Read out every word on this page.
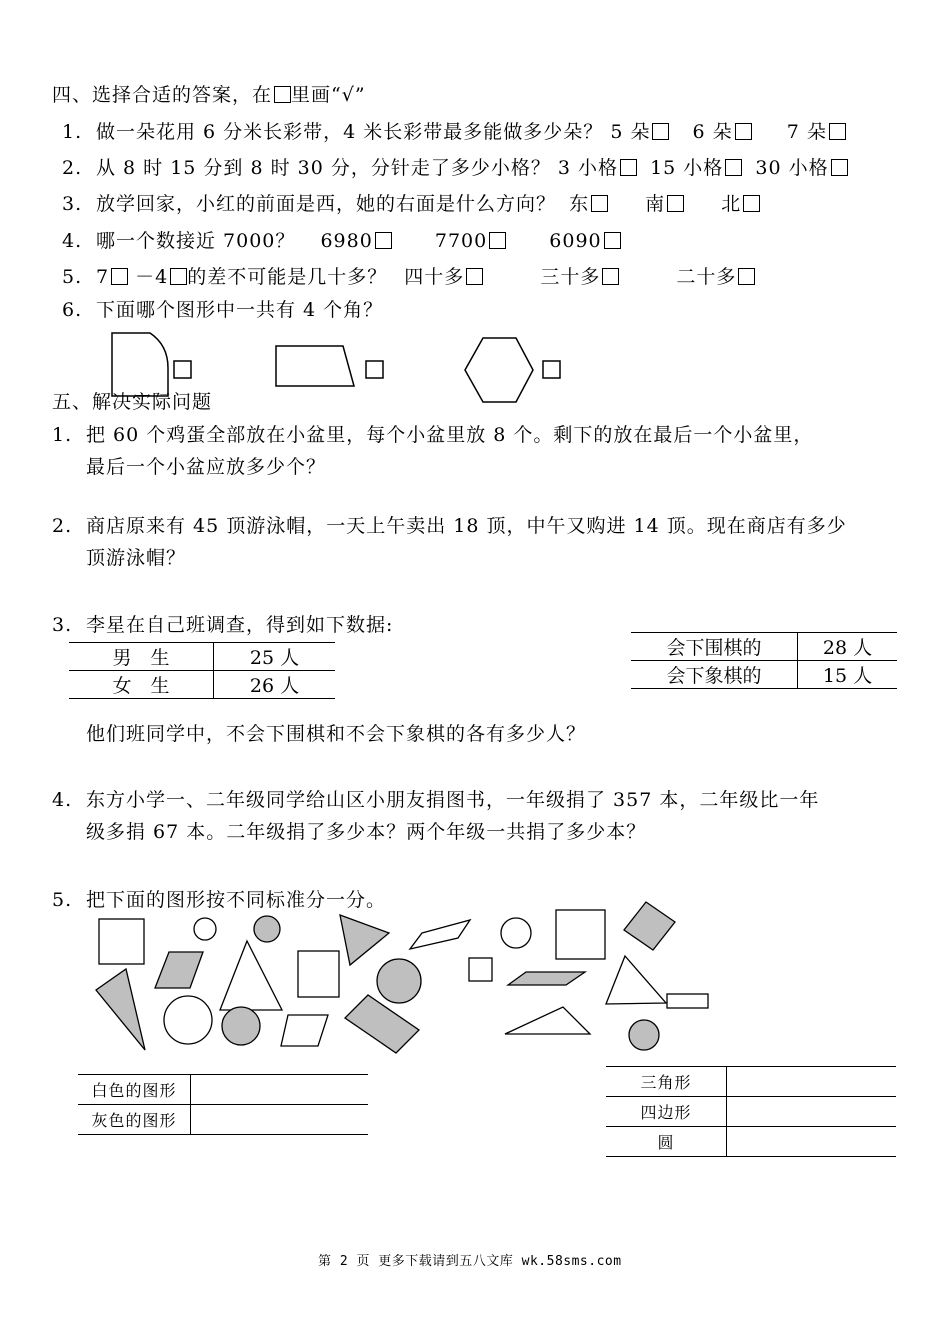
四、选择合适的答案，在 里画“√”
1. 做一朵花用 6 分米长彩带，4 米长彩带最多能做多少朵？ 5 朵 6 朵	7 朵
2. 从 8 时 15 分到 8 时 30 分，分针走了多少小格？ 3 小格 15 小格 30 小格
3. 放学回家，小红的前面是西，她的右面是什么方向？ 东	南	北
4. 哪一个数接近 7000？ 6980	7700	6090
5. 7 －4 的差不可能是几十多？ 四十多	三十多	二十多
6. 下面哪个图形中一共有 4 个角？
五、解决实际问题
1. 把 60 个鸡蛋全部放在小盆里，每个小盆里放 8 个。剩下的放在最后一个小盆里，
最后一个小盆应放多少个？
2. 商店原来有 45 顶游泳帽，一天上午卖出 18 顶，中午又购进 14 顶。现在商店有多少
顶游泳帽？
3. 李星在自己班调查，得到如下数据:
男　生	25 人
女　生	26 人
会下围棋的	28 人
会下象棋的	15 人
他们班同学中，不会下围棋和不会下象棋的各有多少人？
4. 东方小学一、二年级同学给山区小朋友捐图书，一年级捐了 357 本，二年级比一年
级多捐 67 本。二年级捐了多少本？两个年级一共捐了多少本？
5. 把下面的图形按不同标准分一分。
白色的图形	
灰色的图形	
三角形	
四边形	
圆	
第 2 页 更多下载请到五八文库 wk.58sms.com
